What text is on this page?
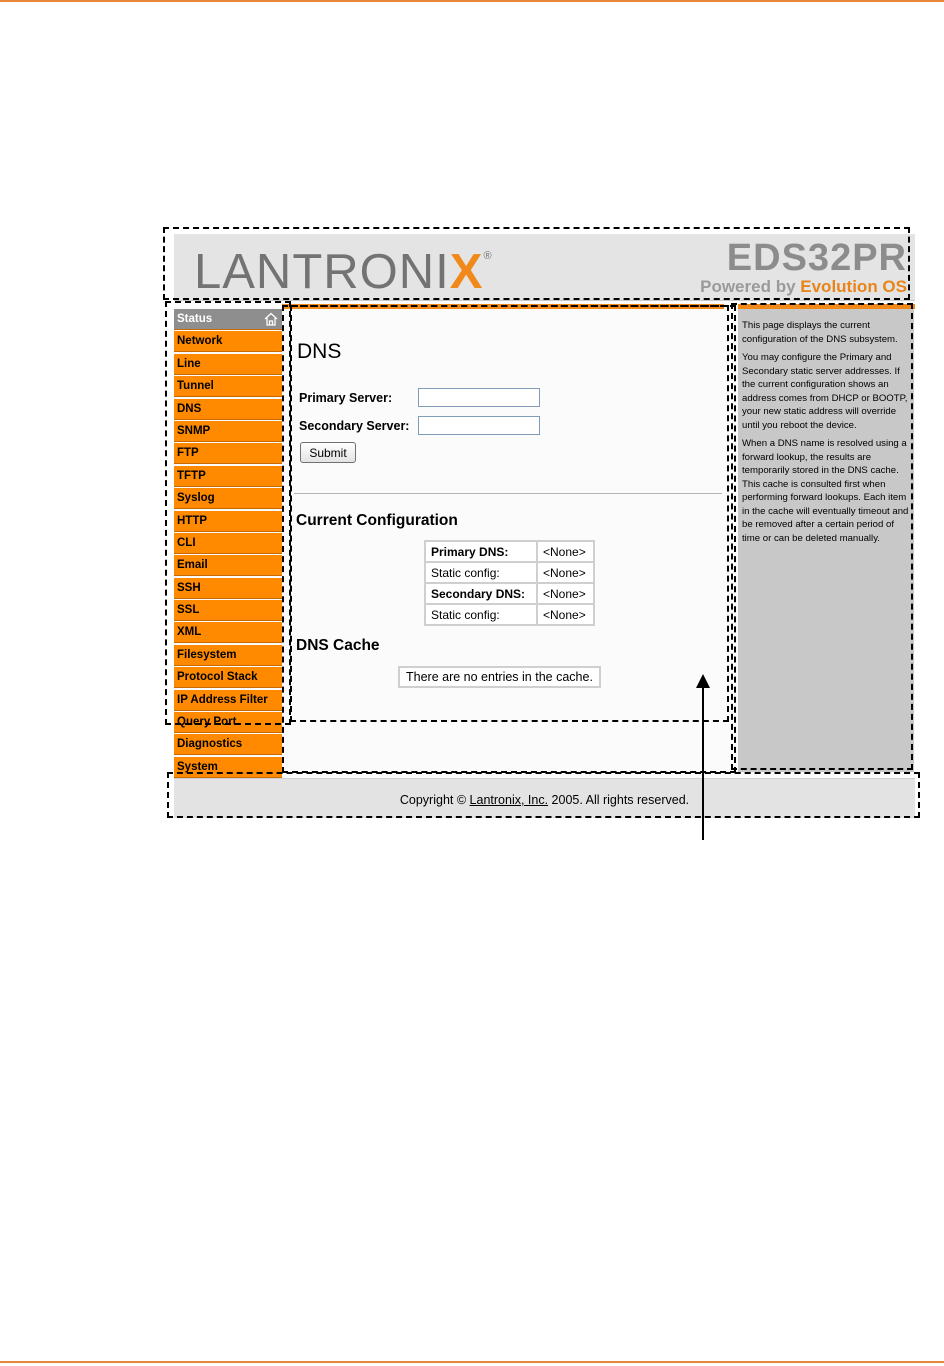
LANTRONIX®	EDS32PR
Powered by Evolution OS
Status
Network
Line
Tunnel
DNS
SNMP
FTP
TFTP
Syslog
HTTP
CLI
Email
SSH
SSL
XML
Filesystem
Protocol Stack
IP Address Filter
Query Port
Diagnostics
System
DNS
Primary Server:
Secondary Server:
Submit
Current Configuration
Primary DNS:	<None>
Static config:	<None>
Secondary DNS:	<None>
Static config:	<None>
DNS Cache
There are no entries in the cache.

This page displays the current configuration of the DNS subsystem.

You may configure the Primary and Secondary static server addresses. If the current configuration shows an address comes from DHCP or BOOTP, your new static address will override until you reboot the device.

When a DNS name is resolved using a forward lookup, the results are temporarily stored in the DNS cache. This cache is consulted first when performing forward lookups. Each item in the cache will eventually timeout and be removed after a certain period of time or can be deleted manually.

Copyright © Lantronix, Inc. 2005. All rights reserved.
